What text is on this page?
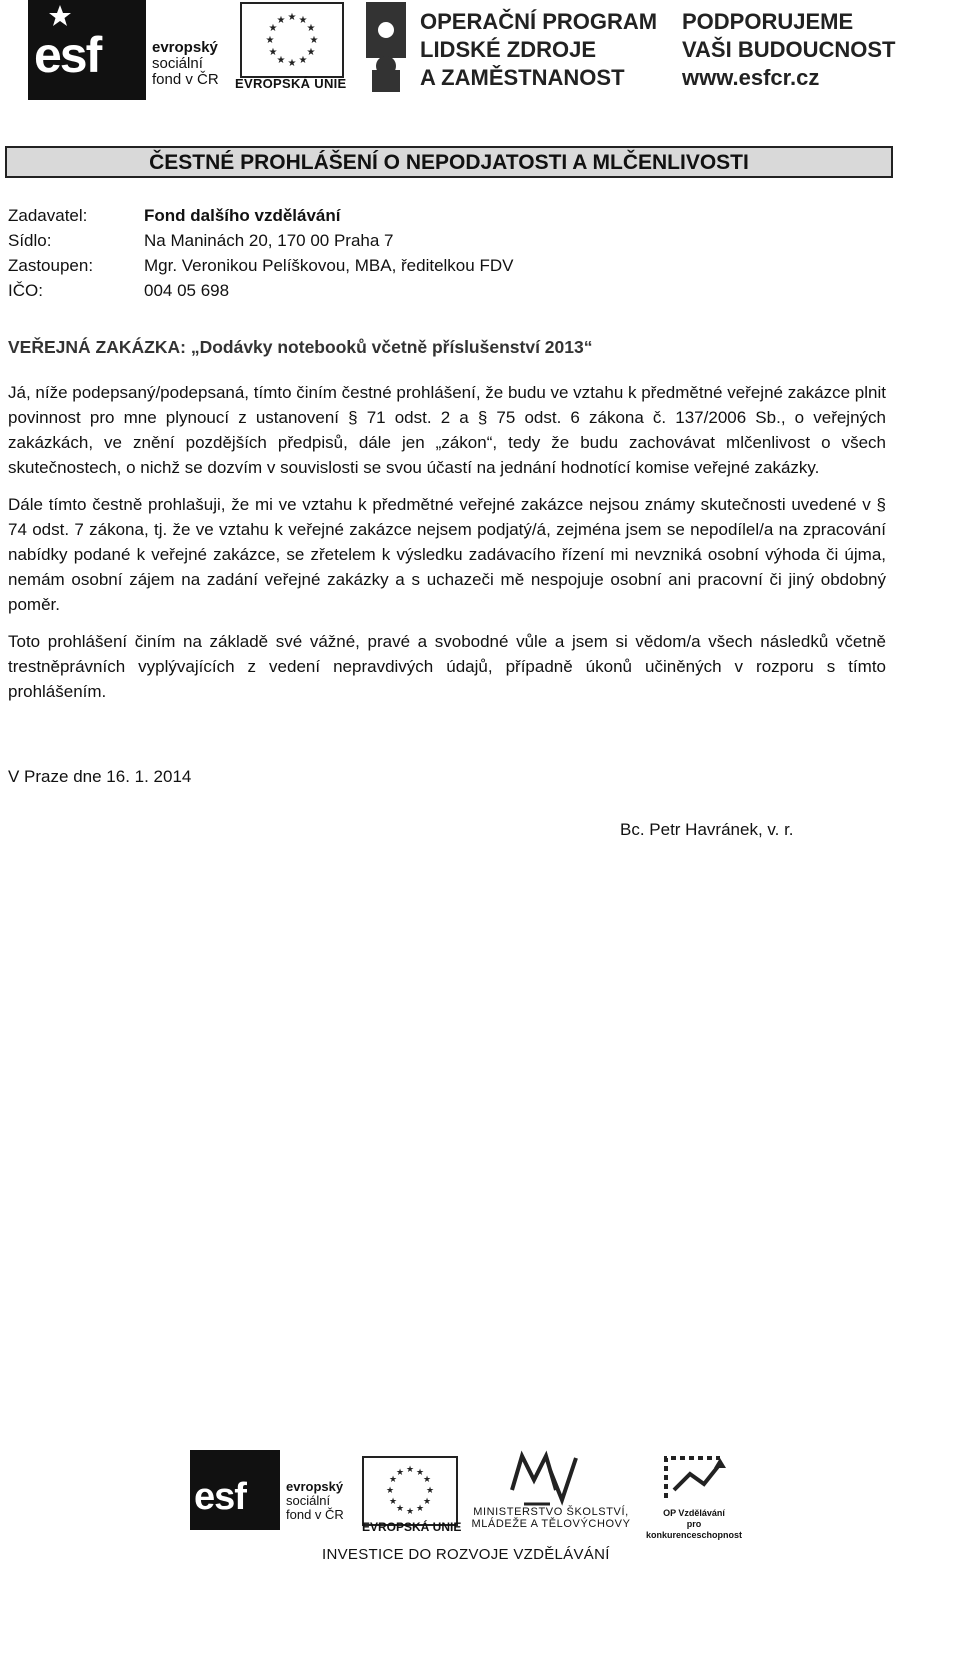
esf	evropský
sociální
fond v ČR
★ ★
★
★
★
★
★
★
★
★
★
★
EVROPSKÁ UNIE
OPERAČNÍ PROGRAM
LIDSKÉ ZDROJE
A ZAMĚSTNANOST
PODPORUJEME
VAŠI BUDOUCNOST
www.esfcr.cz
ČESTNÉ PROHLÁŠENÍ O NEPODJATOSTI A MLČENLIVOSTI
Zadavatel:	Fond dalšího vzdělávání
Sídlo:	Na Maninách 20, 170 00 Praha 7
Zastoupen:	Mgr. Veronikou Pelíškovou, MBA, ředitelkou FDV
IČO:	004 05 698
VEŘEJNÁ ZAKÁZKA: „Dodávky notebooků včetně příslušenství 2013“

Já, níže podepsaný/podepsaná, tímto činím čestné prohlášení, že budu ve vztahu k předmětné veřejné zakázce plnit povinnost pro mne plynoucí z ustanovení § 71 odst. 2 a § 75 odst. 6 zákona č. 137/2006 Sb., o veřejných zakázkách, ve znění pozdějších předpisů, dále jen „zákon“, tedy že budu zachovávat mlčenlivost o všech skutečnostech, o nichž se dozvím v souvislosti se svou účastí na jednání hodnotící komise veřejné zakázky.

Dále tímto čestně prohlašuji, že mi ve vztahu k předmětné veřejné zakázce nejsou známy skutečnosti uvedené v § 74 odst. 7 zákona, tj. že ve vztahu k veřejné zakázce nejsem podjatý/á, zejména jsem se nepodílel/a na zpracování nabídky podané k veřejné zakázce, se zřetelem k výsledku zadávacího řízení mi nevzniká osobní výhoda či újma, nemám osobní zájem na zadání veřejné zakázky a s uchazeči mě nespojuje osobní ani pracovní či jiný obdobný poměr.

Toto prohlášení činím na základě své vážné, pravé a svobodné vůle a jsem si vědom/a všech následků včetně trestněprávních vyplývajících z vedení nepravdivých údajů, případně úkonů učiněných v rozporu s tímto prohlášením.

V Praze dne 16. 1. 2014
Bc. Petr Havránek, v. r.
esf	evropský
sociální
fond v ČR
★ ★
★
★
★
★
★
★
★
★
★
★
EVROPSKÁ UNIE
MINISTERSTVO ŠKOLSTVÍ,
MLÁDEŽE A TĚLOVÝCHOVY
OP Vzdělávání
pro konkurenceschopnost
INVESTICE DO ROZVOJE VZDĚLÁVÁNÍ
